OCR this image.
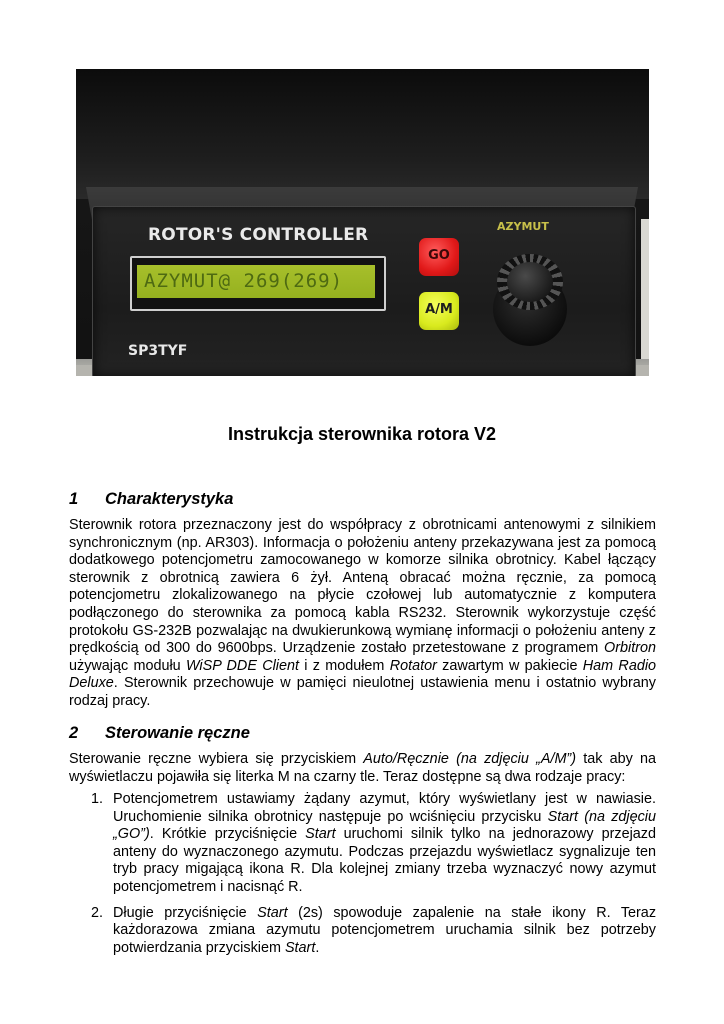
ROTOR'S CONTROLLER	AZYMUT
AZYMUT@ 269(269)
GO
A/M
SP3TYF
Instrukcja sterownika rotora V2
1 Charakterystyka
Sterownik rotora przeznaczony jest do współpracy z obrotnicami antenowymi z silnikiem synchronicznym (np. AR303). Informacja o położeniu anteny przekazywana jest za pomocą dodatkowego potencjometru zamocowanego w komorze silnika obrotnicy. Kabel łączący sterownik z obrotnicą zawiera 6 żył. Anteną obracać można ręcznie, za pomocą potencjometru zlokalizowanego na płycie czołowej lub automatycznie z komputera podłączonego do sterownika za pomocą kabla RS232. Sterownik wykorzystuje część protokołu GS-232B pozwalając na dwukierunkową wymianę informacji o położeniu anteny z prędkością od 300 do 9600bps. Urządzenie zostało przetestowane z programem Orbitron używając modułu WiSP DDE Client i z modułem Rotator zawartym w pakiecie Ham Radio Deluxe. Sterownik przechowuje w pamięci nieulotnej ustawienia menu i ostatnio wybrany rodzaj pracy.
2 Sterowanie ręczne
Sterowanie ręczne wybiera się przyciskiem Auto/Ręcznie (na zdjęciu „A/M”) tak aby na wyświetlaczu pojawiła się literka M na czarny tle. Teraz dostępne są dwa rodzaje pracy:
1. Potencjometrem ustawiamy żądany azymut, który wyświetlany jest w nawiasie. Uruchomienie silnika obrotnicy następuje po wciśnięciu przycisku Start (na zdjęciu „GO”). Krótkie przyciśnięcie Start uruchomi silnik tylko na jednorazowy przejazd anteny do wyznaczonego azymutu. Podczas przejazdu wyświetlacz sygnalizuje ten tryb pracy migającą ikona R. Dla kolejnej zmiany trzeba wyznaczyć nowy azymut potencjometrem i nacisnąć R.
2. Długie przyciśnięcie Start (2s) spowoduje zapalenie na stałe ikony R. Teraz każdorazowa zmiana azymutu potencjometrem uruchamia silnik bez potrzeby potwierdzania przyciskiem Start.
